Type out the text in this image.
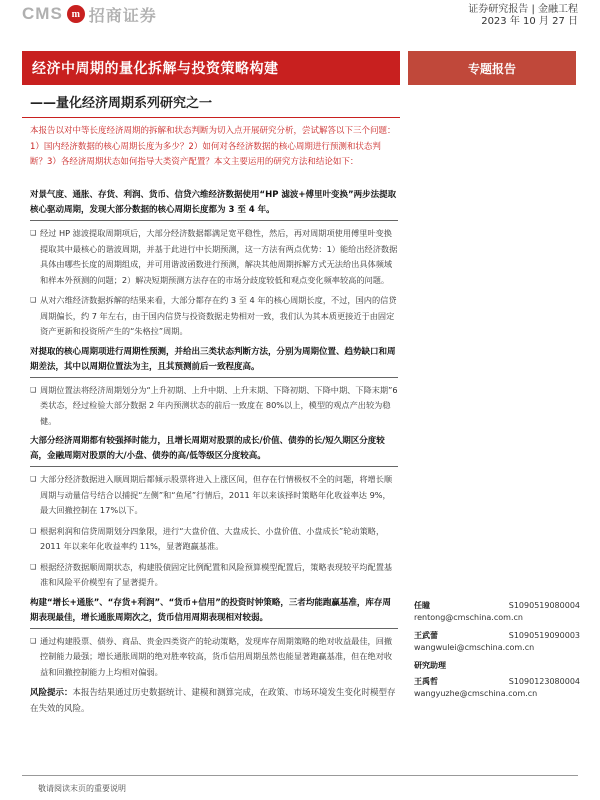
CMS m 招商证券	证券研究报告 | 金融工程
2023 年 10 月 27 日
经济中周期的量化拆解与投资策略构建	专题报告
——量化经济周期系列研究之一
本报告以对中等长度经济周期的拆解和状态判断为切入点开展研究分析，尝试解答以下三个问题：1）国内经济数据的核心周期长度为多少？2）如何对各经济数据的核心周期进行预测和状态判断？3）各经济周期状态如何指导大类资产配置？本文主要运用的研究方法和结论如下：
对景气度、通胀、存货、利润、货币、信贷六维经济数据使用“HP 滤波+傅里叶变换”两步法提取核心驱动周期，发现大部分数据的核心周期长度都为 3 至 4 年。
❑ 经过 HP 滤波提取周期项后，大部分经济数据都满足宽平稳性，然后，再对周期项使用傅里叶变换提取其中最核心的谐波周期，并基于此进行中长期预测，这一方法有两点优势：1）能给出经济数据具体由哪些长度的周期组成，并可用谐波函数进行预测，解决其他周期拆解方式无法给出具体频域和样本外预测的问题；2）解决短期预测方法存在的市场分歧度较低和观点变化频率较高的问题。
❑ 从对六维经济数据拆解的结果来看，大部分都存在约 3 至 4 年的核心周期长度，不过，国内的信贷周期偏长，约 7 年左右，由于国内信贷与投资数据走势相对一致，我们认为其本质更接近于由固定资产更新和投资所产生的“朱格拉”周期。
对提取的核心周期项进行周期性预测，并给出三类状态判断方法，分别为周期位置、趋势缺口和周期差法，其中以周期位置法为主，且其预测前后一致程度高。
❑ 周期位置法将经济周期划分为“上升初期、上升中期、上升末期、下降初期、下降中期、下降末期”6 类状态，经过检验大部分数据 2 年内预测状态的前后一致度在 80%以上，模型的观点产出较为稳健。
大部分经济周期都有较强择时能力，且增长周期对股票的成长/价值、债券的长/短久期区分度较高，金融周期对股票的大/小盘、债券的高/低等级区分度较高。
❑ 大部分经济数据进入顺周期后都倾示股票将进入上涨区间，但存在行情极权不全的问题，将增长顺周期与动量信号结合以捕捉“左侧”和“鱼尾”行情后，2011 年以来该择时策略年化收益率达 9%，最大回撤控制在 17%以下。
❑ 根据利润和信贷周期划分四象限，进行“大盘价值、大盘成长、小盘价值、小盘成长”轮动策略，2011 年以来年化收益率约 11%，显著跑赢基准。
❑ 根据经济数据顺周期状态，构建股债固定比例配置和风险预算模型配置后，策略表现较平均配置基准和风险平价模型有了显著提升。
构建“增长+通胀”、“存货+利润”、“货币+信用”的投资时钟策略，三者均能跑赢基准，库存周期表现最佳，增长通胀周期次之，货币信用周期表现相对较弱。
❑ 通过构建股票、债券、商品、贵金四类资产的轮动策略，发现库存周期策略的绝对收益最佳，回撤控制能力最强；增长通胀周期的绝对胜率较高，货币信用周期虽然也能显著跑赢基准，但在绝对收益和回撤控制能力上均相对偏弱。
风险提示：本报告结果通过历史数据统计、建模和测算完成，在政策、市场环境发生变化时模型存在失效的风险。
任瞳	S1090519080004
rentong@cmschina.com.cn
王武蕾	S1090519090003
wangwulei@cmschina.com.cn
研究助理
王禹哲	S1090123080004
wangyuzhe@cmschina.com.cn
敬请阅读末页的重要说明
